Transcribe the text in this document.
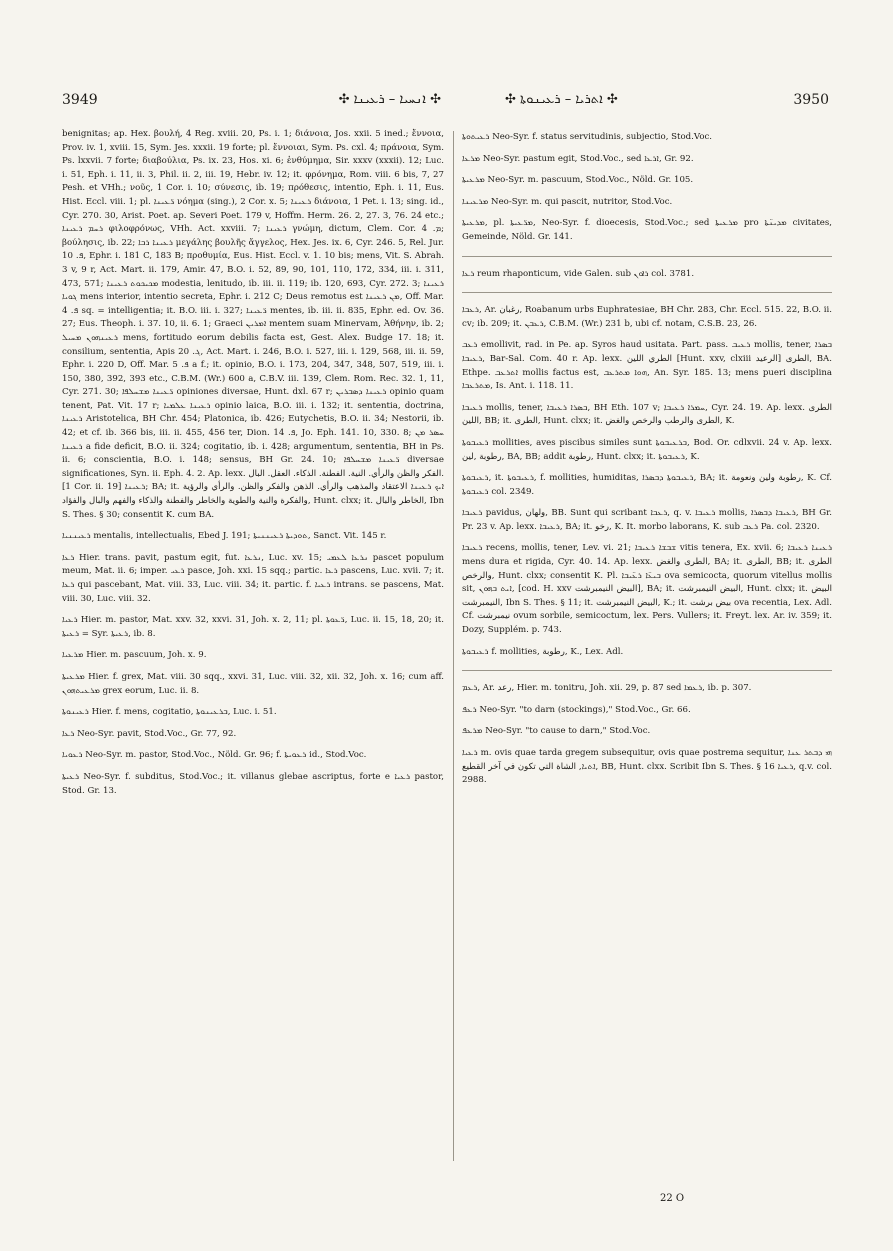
3949	✣ ܐܢܚܝܐ – ܪܥܝܢܐ ✣	✣ ܐܬܪܝܐ – ܪܥܝܢܘܬܐ ✣	3950

benignitas; ap. Hex. βουλή, 4 Reg. xviii. 20, Ps. i. 1; διάνοια, Jos. xxii. 5 ined.; ἔννοια, Prov. iv. 1, xviii. 15, Sym. Jes. xxxii. 19 forte; pl. ἔννοιαι, Sym. Ps. cxl. 4; πράνοια, Sym. Ps. lxxvii. 7 forte; διαβούλια, Ps. ix. 23, Hos. xi. 6; ἐνθύμημα, Sir. xxxv (xxxii). 12; Luc. i. 51, Eph. i. 11, ii. 3, Phil. ii. 2, iii. 19, Hebr. iv. 12; it. φρόνημα, Rom. viii. 6 bis, 7, 27 Pesh. et VHh.; νοῦς, 1 Cor. i. 10; σύνεσις, ib. 19; πρόθεσις, intentio, Eph. i. 11, Eus. Hist. Eccl. viii. 1; pl. ܪ̈ܥܝܢܐ νόημα (sing.), 2 Cor. x. 5; ܪܥܝܢܐ διάνοια, 1 Pet. i. 13; sing. id., Cyr. 270. 30, Arist. Poet. ap. Severi Poet. 179 v, Hoffm. Herm. 26. 2, 27. 3, 76. 24 etc.; ܪܚܡ ܪܥܝܢܐ φιλοφρόνως, VHh. Act. xxviii. 7; ܪܥܝܢܐ γνώμη, dictum, Clem. Cor. ܡ. 4; βούλησις, ib. 22; ܪܥܝܢܐ ܪܒܐ μεγάλης βουλῆς ἄγγελος, Hex. Jes. ix. 6, Cyr. 246. 5, Rel. Jur. ܦ. 10, Ephr. i. 181 C, 183 B; προθυμία, Eus. Hist. Eccl. v. 1. 10 bis; mens, Vit. S. Abrah. 3 v, 9 r, Act. Mart. ii. 179, Amir. 47, B.O. i. 52, 89, 90, 101, 110, 172, 334, iii. i. 311, 473, 571; ܡܟܝܟܘܬ ܪܥܝܢܐ modestia, lenitudo, ib. iii. ii. 119; ib. 120, 693, Cyr. 272. 3; ܪܥܝܢܐ ܓܘܝܐ mens interior, intentio secreta, Ephr. i. 212 C; Deus remotus est ܡܢ ܪܥܝܢܐ, Off. Mar. ܦ. 4 sq. = intelligentia; it. B.O. iii. i. 327; ܪ̈ܥܝܢܐ mentes, ib. iii. ii. 835, Ephr. ed. Ov. 36. 27; Eus. Theoph. i. 37. 10, ii. 6. 1; Graeci ܐܡܪܝܢ mentem suam Minervam, Ἀθήνην, ib. 2; ܪܥܝܢܗܘܢ ܡܚܝܠ mens, fortitudo eorum debilis facta est, Gest. Alex. Budge 17. 18; it. consilium, sententia, Apis ܓ. 20, Act. Mart. i. 246, B.O. i. 527, iii. i. 129, 568, iii. ii. 59, Ephr. i. 220 D, Off. Mar. ܦ. 5 a f.; it. opinio, B.O. i. 173, 204, 347, 348, 507, 519, iii. i. 150, 380, 392, 393 etc., C.B.M. (Wr.) 600 a, C.B.V. iii. 139, Clem. Rom. Rec. 32. 1, 11, Cyr. 271. 30; ܪ̈ܥܝܢܐ ܡܫܚܠܦܐ opiniones diversae, Hunt. dxl. 67 r; ܪܥܝܢܐ ܕܣܒܪܝܢ opinio quam tenent, Pat. Vit. 17 r; ܪܥܝܢܐ ܥܠܡܝܐ opinio laica, B.O. iii. i. 132; it. sententia, doctrina, ܪܥܝܢܐ Aristotelica, BH Chr. 454; Platonica, ib. 426; Eutychetis, B.O. ii. 34; Nestorii, ib. 42; et cf. ib. 366 bis, iii. ii. 455, 456 ter, Dion. ܦ. 14, Jo. Eph. 141. 10, 330. 8; ܚܣܪ ܡܢ ܪܥܝܢܐ a fide deficit, B.O. ii. 324; cogitatio, ib. i. 428; argumentum, sententia, BH in Ps. ii. 6; conscientia, B.O. i. 148; sensus, BH Gr. 24. 10; ܪ̈ܥܝܢܐ ܡܫܚܠܦܐ diversae significationes, Syn. ii. Eph. 4. 2. Ap. lexx. الفكر والظن والرأي. النية. الفطنة. الذكاء. العقل. البال. [1 Cor. ii. 19] ܪܥܝܢܐ; BA; it. ܐܝܟ ܪܥܝܢܐ الاعتقاد والمذهب والرأي. الذهن والفكر والظن. والرأي والرؤية والفكرة والنية والطوية والخاطر والفطنة والذكاء والفهم والبال والفؤاد, Hunt. clxx; it. الخاطر والبال, Ibn S. Thes. § 30; consentit K. cum BA.

ܪܥܝܢܢܝܐ mentalis, intellectualis, Ebed J. 191; ܬܘܕܝܬܐ ܪܥܝܢܢܝܬܐ, Sanct. Vit. 145 r.

ܪܥܐ Hier. trans. pavit, pastum egit, fut. ܢܪܥܐ, Luc. xv. 15; ܢܪܥܐ ܠܥܡܝ pascet populum meum, Mat. ii. 6; imper. ܪܥܝ pasce, Joh. xxi. 15 sqq.; partic. ܪܥܐ pascens, Luc. xvii. 7; it. ܪܥܐ qui pascebant, Mat. viii. 33, Luc. viii. 34; it. partic. f. ܪܥܝܐ intrans. se pascens, Mat. viii. 30, Luc. viii. 32.

ܪܥܝܐ Hier. m. pastor, Mat. xxv. 32, xxvi. 31, Joh. x. 2, 11; pl. ܪ̈ܥܘܬܐ, Luc. ii. 15, 18, 20; it. ܪܥܝܬܐ = Syr. ܪܥܝܬܐ, ib. 8.

ܡܪܥܝܐ Hier. m. pascuum, Joh. x. 9.

ܡܪܥܝܬܐ Hier. f. grex, Mat. viii. 30 sqq., xxvi. 31, Luc. viii. 32, xii. 32, Joh. x. 16; cum aff. ܡܪܥܝܬܗܘܢ grex eorum, Luc. ii. 8.

ܪܥܝܢܘܬܐ Hier. f. mens, cogitatio, ܒܪܥܝܢܘܬܐ, Luc. i. 51.

ܪܥܐ Neo-Syr. pavit, Stod.Voc., Gr. 77, 92.

ܪܥܘܝܐ Neo-Syr. m. pastor, Stod.Voc., Nöld. Gr. 96; f. ܪܥܘܝܬܐ id., Stod.Voc.

ܪܥܝܬܐ Neo-Syr. f. subditus, Stod.Voc.; it. villanus glebae ascriptus, forte e ܪܥܝܐ pastor, Stod. Gr. 13.

ܪܥܝܬܘܬܐ Neo-Syr. f. status servitudinis, subjectio, Stod.Voc.

ܡܪܥܐ Neo-Syr. pastum egit, Stod.Voc., sed ܐܪܥܐ, Gr. 92.

ܡܪܥܝܬܐ Neo-Syr. m. pascuum, Stod.Voc., Nöld. Gr. 105.

ܡܪܥܝܢܐ Neo-Syr. m. qui pascit, nutritor, Stod.Voc.

ܡܪܥܝܬܐ, pl. ܡܪ̈ܥܝܬܐ, Neo-Syr. f. dioecesis, Stod.Voc.; sed ܡܪܥܝܬܐ pro ܡܕܝܢ̈ܬܐ civitates, Gemeinde, Nöld. Gr. 141.

ܪܥܐ reum rhaponticum, vide Galen. sub ܪܐܘܢ col. 3781.

ܪܥܒܐ, Ar. رغبان, Roabanum urbs Euphratesiae, BH Chr. 283, Chr. Eccl. 515. 22, B.O. ii. cv; ib. 209; it. ܪܥܒܢ, C.B.M. (Wr.) 231 b, ubi cf. notam, C.S.B. 23, 26.

ܪܥܒ emollivit, rad. in Pe. ap. Syros haud usitata. Part. pass. ܪܥܝܒ mollis, tener, ܒܣܪܐ ܪܥܝܒܐ, Bar-Sal. Com. 40 r. Ap. lexx. الطري اللين [Hunt. xxv, clxiii الرعيد] الطرى, BA. Ethpe. ܐܬܪܥܒ mollis factus est, ܗܘܐ ܡܬܪܥܒ, An. Syr. 185. 13; mens pueri disciplina ܡܬܪܥܒܐ, Is. Ant. i. 118. 11.

ܪܥܝܒܐ mollis, tener, ܒܣܪܐ ܪܥܝܒܐ, BH Eth. 107 v; ܚܡܪܐ ܪܥܝܒܐ, Cyr. 24. 19. Ap. lexx. الطرى اللين, BB; it. الطرى, Hunt. clxx; it. الطرى والرطب والرخص والغض, K.

ܪܥܝܒܘܬܐ mollities, aves piscibus similes sunt ܒܪܥܝܒܘܬܐ, Bod. Or. cdlxvii. 24 v. Ap. lexx. رطوبة ,لين, BA, BB; addit رطوبة, Hunt. clxx; it. ܪܥܝܒܘܬܐ, K.

ܪܥܝܒܘܬܐ, it. ܪܥܝܒܘܬܐ, f. mollities, humiditas, ܪܥܝܒܘܬܐ ܕܒܣܪܐ, BA; it. رطوبة ولين ونعومة, K. Cf. ܪܥܝܒܘܬܐ col. 2349.

ܪܥܝܒܐ pavidus, ولهان, BB. Sunt qui scribant ܪܥܒܐ, q. v. ܪܥܝܒܐ mollis, ܪܥܝܒܐ ܕܒܣܪܐ, BH Gr. Pr. 23 v. Ap. lexx. ܪܥܝܒܐ, BA; it. رخو, K. It. morbo laborans, K. sub ܪܥܒ Pa. col. 2320.

ܪܥܝܒܐ recens, mollis, tener, Lev. vi. 21; ܫܒܫܐ ܪܥܝܒܐ vitis tenera, Ex. xvii. 6; ܪܥܝܢܐ ܪܥܝܒܐ mens dura et rigida, Cyr. 40. 14. Ap. lexx. الطرى والغض, BA; it. الطرى, BB; it. الطرى والرخص, Hunt. clxx; consentit K. Pl. ܒܝܥ̈ܐ ܪܥ̈ܝܒܐ ova semicocta, quorum vitellus mollis sit, ܐܝܬ ܒܗܘܢ, [cod. H. xxv البيض النيمبرشت], BA; it. البيض النيمبرشت, Hunt. clxx; it. البيض النيمبرشت, Ibn S. Thes. § 11; it. البيض النيمبرشت, K.; it. بيض برشت ova recentia, Lex. Adl. Cf. نيمبرشت ovum sorbile, semicoctum, lex. Pers. Vullers; it. Freyt. lex. Ar. iv. 359; it. Dozy, Supplém. p. 743.

ܪܥܝܒܘܬܐ f. mollities, رطوبة, K., Lex. Adl.

ܪܥܡ, Ar. رعد, Hier. m. tonitru, Joh. xii. 29, p. 87 sed ܪܥܡܐ, ib. p. 307.

ܪܥܦ Neo-Syr. "to darn (stockings)," Stod.Voc., Gr. 66.

ܡܪܥܦ Neo-Syr. "to cause to darn," Stod.Voc.

ܪܥܝܐ m. ovis quae tarda gregem subsequitur, ovis quae postrema sequitur, ܗܝ ܕܒܬܪ ܥܢܐ ܐܬܝܐ, الشاة التي تكون في آخر القطيع, BB, Hunt. clxx. Scribit Ibn S. Thes. § 16 ܪܥܝܐ, q.v. col. 2988.

22 O
